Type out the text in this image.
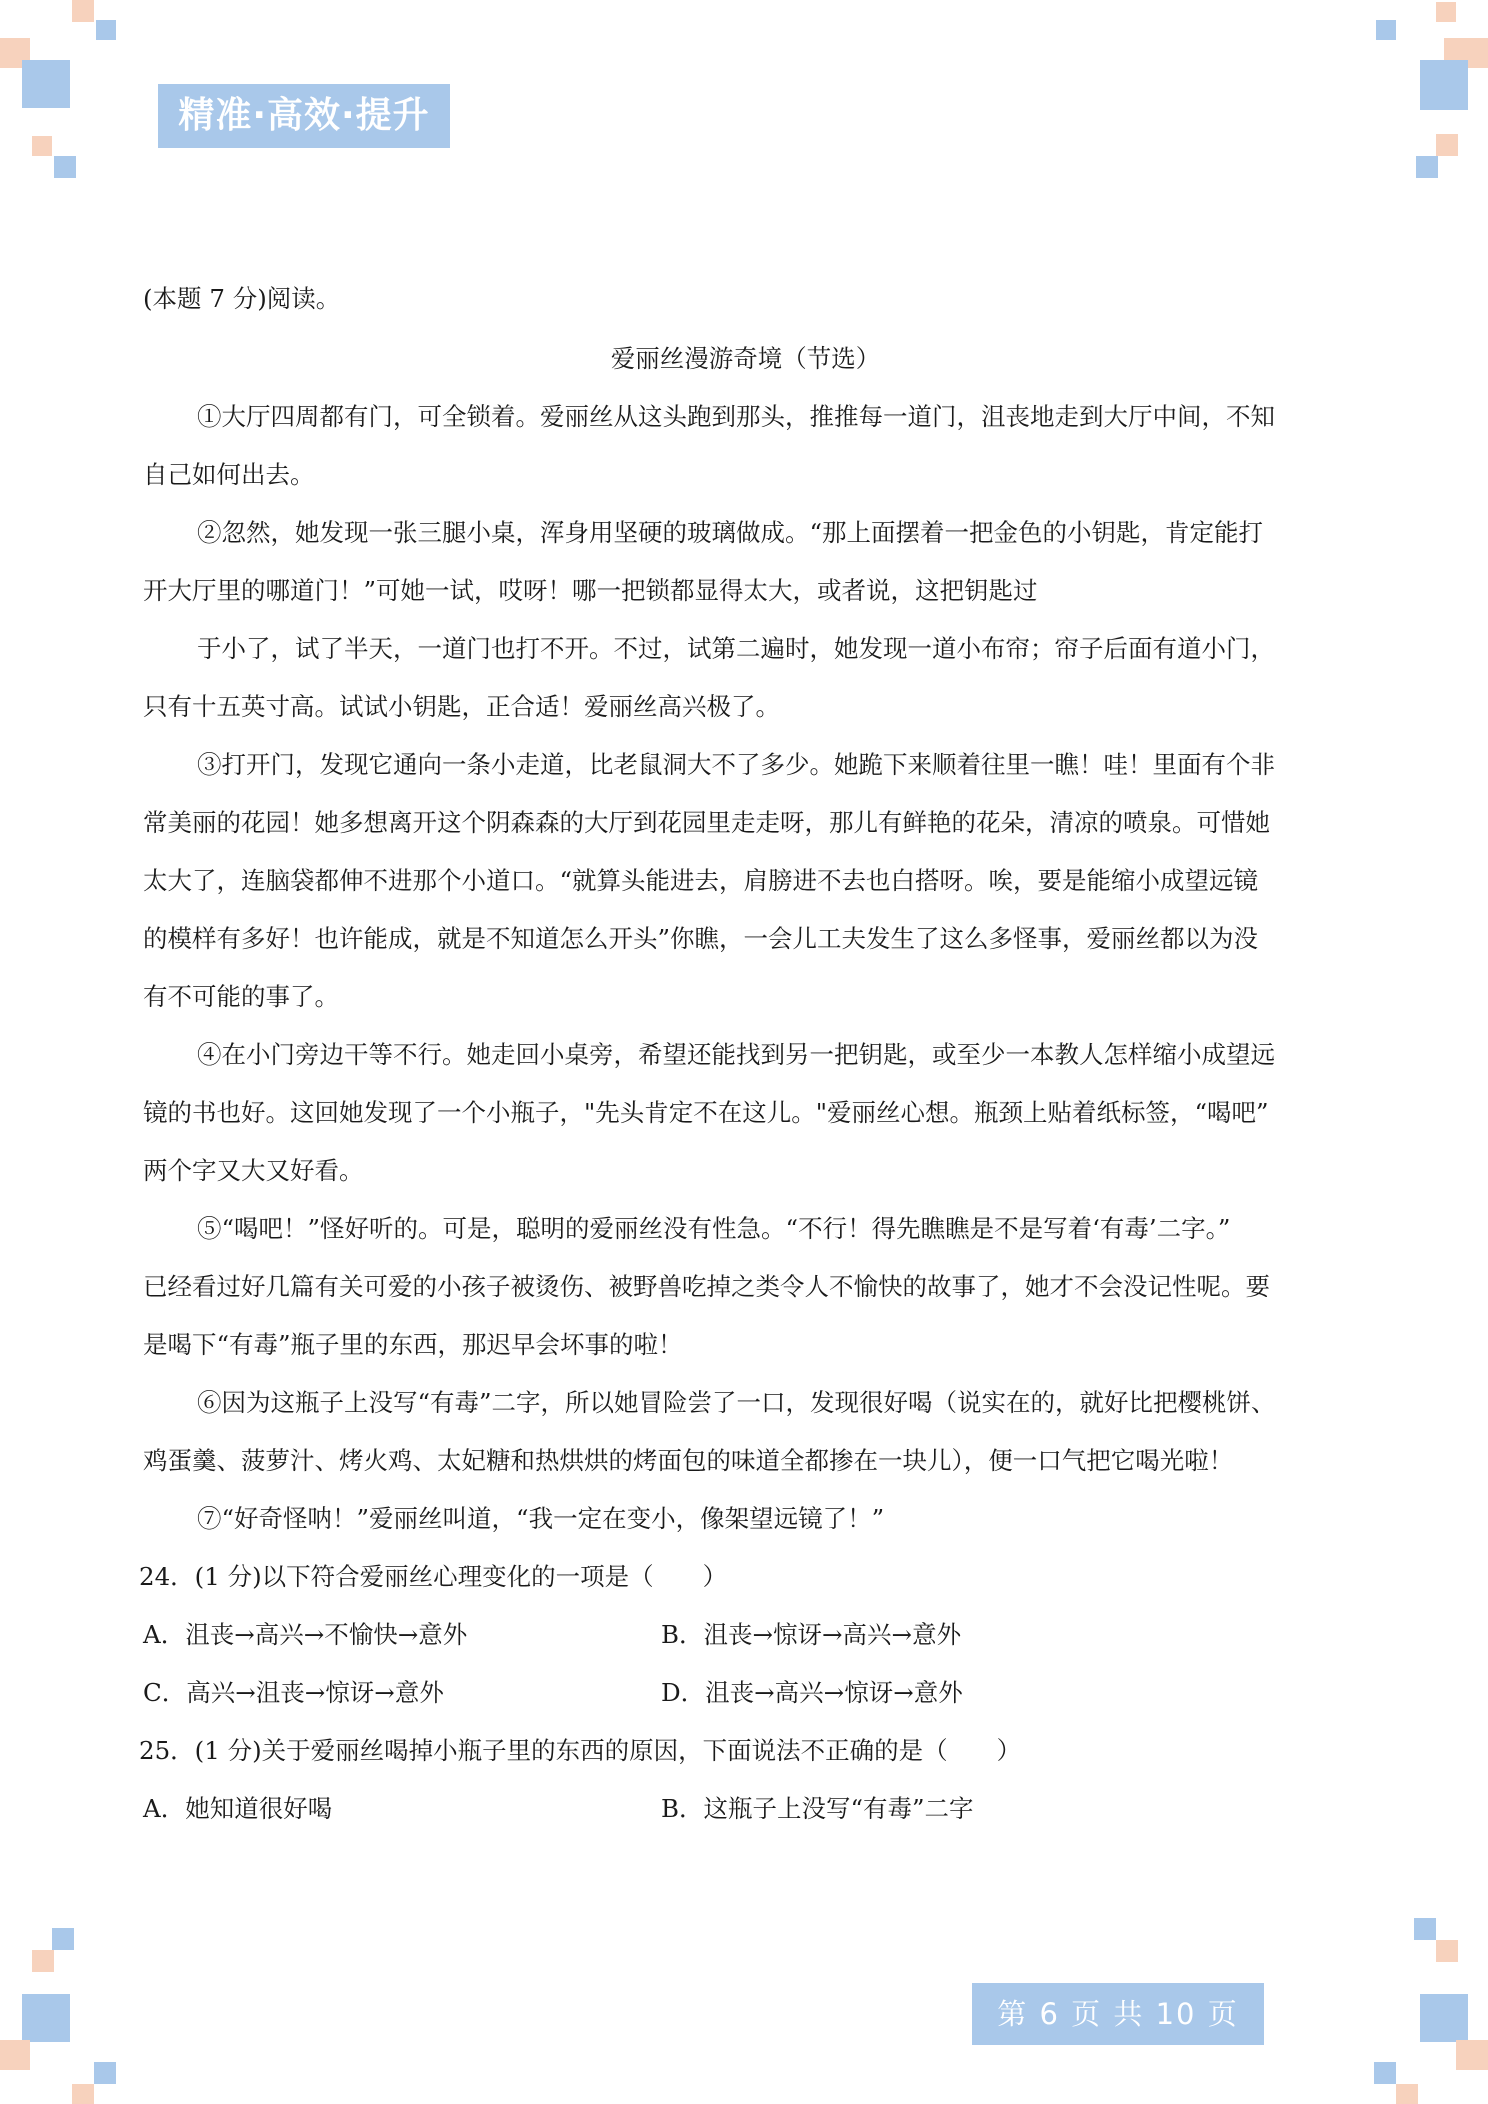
精准·高效·提升
(本题 7 分)阅读。
爱丽丝漫游奇境（节选）
①大厅四周都有门，可全锁着。爱丽丝从这头跑到那头，推推每一道门，沮丧地走到大厅中间，不知
自己如何出去。
②忽然，她发现一张三腿小桌，浑身用坚硬的玻璃做成。“那上面摆着一把金色的小钥匙，肯定能打
开大厅里的哪道门！”可她一试，哎呀！哪一把锁都显得太大，或者说，这把钥匙过
于小了，试了半天，一道门也打不开。不过，试第二遍时，她发现一道小布帘；帘子后面有道小门，
只有十五英寸高。试试小钥匙，正合适！爱丽丝高兴极了。
③打开门，发现它通向一条小走道，比老鼠洞大不了多少。她跪下来顺着往里一瞧！哇！里面有个非
常美丽的花园！她多想离开这个阴森森的大厅到花园里走走呀，那儿有鲜艳的花朵，清凉的喷泉。可惜她
太大了，连脑袋都伸不进那个小道口。“就算头能进去，肩膀进不去也白搭呀。唉，要是能缩小成望远镜
的模样有多好！也许能成，就是不知道怎么开头”你瞧，一会儿工夫发生了这么多怪事，爱丽丝都以为没
有不可能的事了。
④在小门旁边干等不行。她走回小桌旁，希望还能找到另一把钥匙，或至少一本教人怎样缩小成望远
镜的书也好。这回她发现了一个小瓶子，"先头肯定不在这儿。"爱丽丝心想。瓶颈上贴着纸标签，“喝吧”
两个字又大又好看。
⑤“喝吧！”怪好听的。可是，聪明的爱丽丝没有性急。“不行！得先瞧瞧是不是写着‘有毒’二字。”
已经看过好几篇有关可爱的小孩子被烫伤、被野兽吃掉之类令人不愉快的故事了，她才不会没记性呢。要
是喝下“有毒”瓶子里的东西，那迟早会坏事的啦！
⑥因为这瓶子上没写“有毒”二字，所以她冒险尝了一口，发现很好喝（说实在的，就好比把樱桃饼、
鸡蛋羹、菠萝汁、烤火鸡、太妃糖和热烘烘的烤面包的味道全都掺在一块儿），便一口气把它喝光啦！
⑦“好奇怪呐！”爱丽丝叫道，“我一定在变小，像架望远镜了！”
24．(1 分)以下符合爱丽丝心理变化的一项是（　　）
A．沮丧→高兴→不愉快→意外	B．沮丧→惊讶→高兴→意外
C．高兴→沮丧→惊讶→意外	D．沮丧→高兴→惊讶→意外
25．(1 分)关于爱丽丝喝掉小瓶子里的东西的原因，下面说法不正确的是（　　）
A．她知道很好喝	B．这瓶子上没写“有毒”二字
第 6 页 共 10 页
